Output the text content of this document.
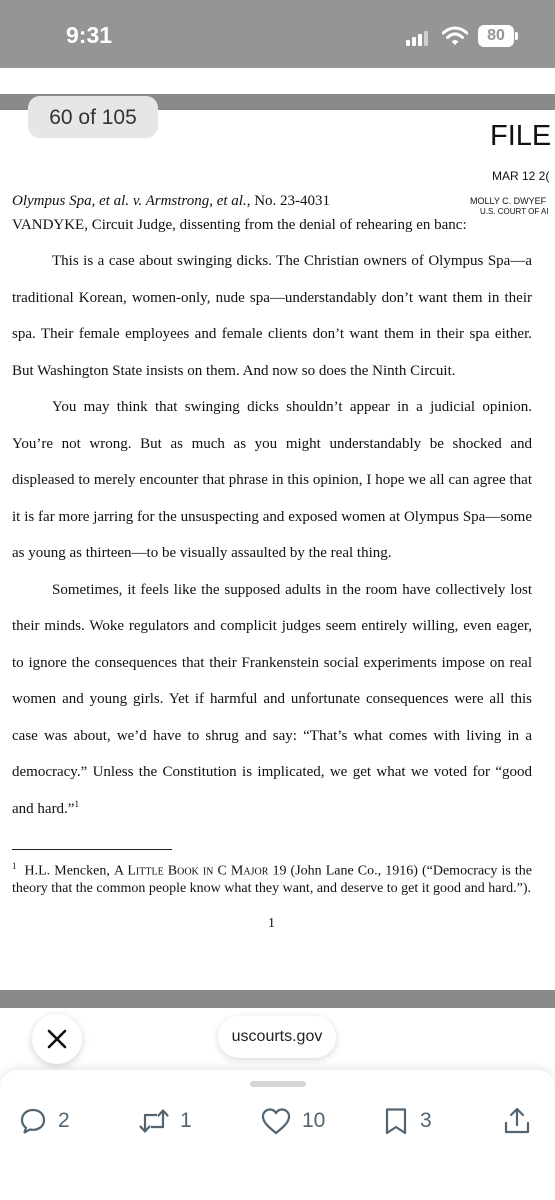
9:31	80
60 of 105
FILE
MAR 12 2(
MOLLY C. DWYEF
U.S. COURT OF AI
Olympus Spa, et al. v. Armstrong, et al., No. 23-4031
VANDYKE, Circuit Judge, dissenting from the denial of rehearing en banc:

This is a case about swinging dicks. The Christian owners of Olympus Spa—a traditional Korean, women-only, nude spa—understandably don’t want them in their spa. Their female employees and female clients don’t want them in their spa either. But Washington State insists on them. And now so does the Ninth Circuit.

You may think that swinging dicks shouldn’t appear in a judicial opinion. You’re not wrong. But as much as you might understandably be shocked and displeased to merely encounter that phrase in this opinion, I hope we all can agree that it is far more jarring for the unsuspecting and exposed women at Olympus Spa—some as young as thirteen—to be visually assaulted by the real thing.

Sometimes, it feels like the supposed adults in the room have collectively lost their minds. Woke regulators and complicit judges seem entirely willing, even eager, to ignore the consequences that their Frankenstein social experiments impose on real women and young girls. Yet if harmful and unfortunate consequences were all this case was about, we’d have to shrug and say: “That’s what comes with living in a democracy.” Unless the Constitution is implicated, we get what we voted for “good and hard.”$^1$

$^1$ H.L. Mencken, A Little Book in C Major 19 (John Lane Co., 1916) (“Democracy is the theory that the common people know what they want, and deserve to get it good and hard.”).
1
uscourts.gov
2	1	10	3
